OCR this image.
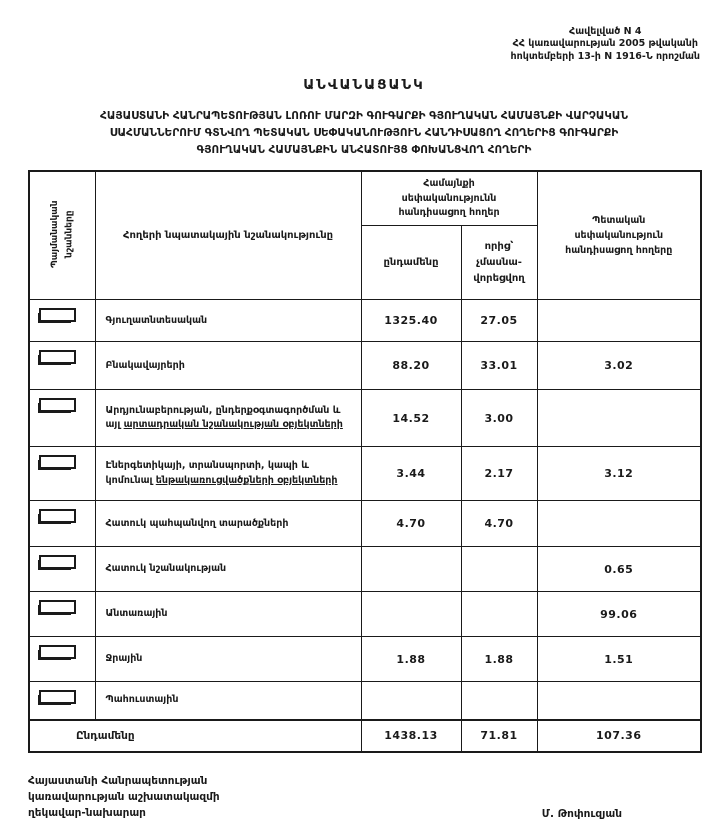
Հավելված N 4
ՀՀ կառավարության 2005 թվականի
հոկտեմբերի 13-ի N 1916-Ն որոշման
ԱՆՎԱՆԱՑԱՆԿ
ՀԱՅԱՍՏԱՆԻ ՀԱՆՐԱՊԵՏՈՒԹՅԱՆ ԼՈՌՈՒ ՄԱՐԶԻ ԳՈՒԳԱՐՔԻ ԳՅՈՒՂԱԿԱՆ ՀԱՄԱՅՆՔԻ ՎԱՐՉԱԿԱՆ
ՍԱՀՄԱՆՆԵՐՈՒՄ ԳՏՆՎՈՂ ՊԵՏԱԿԱՆ ՍԵՓԱԿԱՆՈՒԹՅՈՒՆ ՀԱՆԴԻՍԱՑՈՂ ՀՈՂԵՐԻՑ ԳՈՒԳԱՐՔԻ
ԳՅՈՒՂԱԿԱՆ ՀԱՄԱՅՆՔԻՆ ԱՆՀԱՏՈՒՅՑ ՓՈԽԱՆՑՎՈՂ ՀՈՂԵՐԻ
Պայմանական նշանները	Հողերի նպատակային նշանակությունը	Համայնքի սեփականությունն հանդիսացող հողեր		Պետական սեփականություն հանդիսացող հողերը
		ընդամենը	որից՝ չմասնա-վորեցվող	
	Գյուղատնտեսական	1325.40	27.05	
	Բնակավայրերի	88.20	33.01	3.02
	Արդյունաբերության, ընդերքօգտագործման և այլ արտադրական նշանակության օբյեկտների	14.52	3.00	
	Էներգետիկայի, տրանսպորտի, կապի և կոմունալ ենթակառուցվածքների օբյեկտների	3.44	2.17	3.12
	Հատուկ պահպանվող տարածքների	4.70	4.70	
	Հատուկ նշանակության			0.65
	Անտառային			99.06
	Ջրային	1.88	1.88	1.51
	Պահուստային			
Ընդամենը		1438.13	71.81	107.36
Հայաստանի Հանրապետության
կառավարության աշխատակազմի
ղեկավար-նախարար	Մ. Թոփուզյան
